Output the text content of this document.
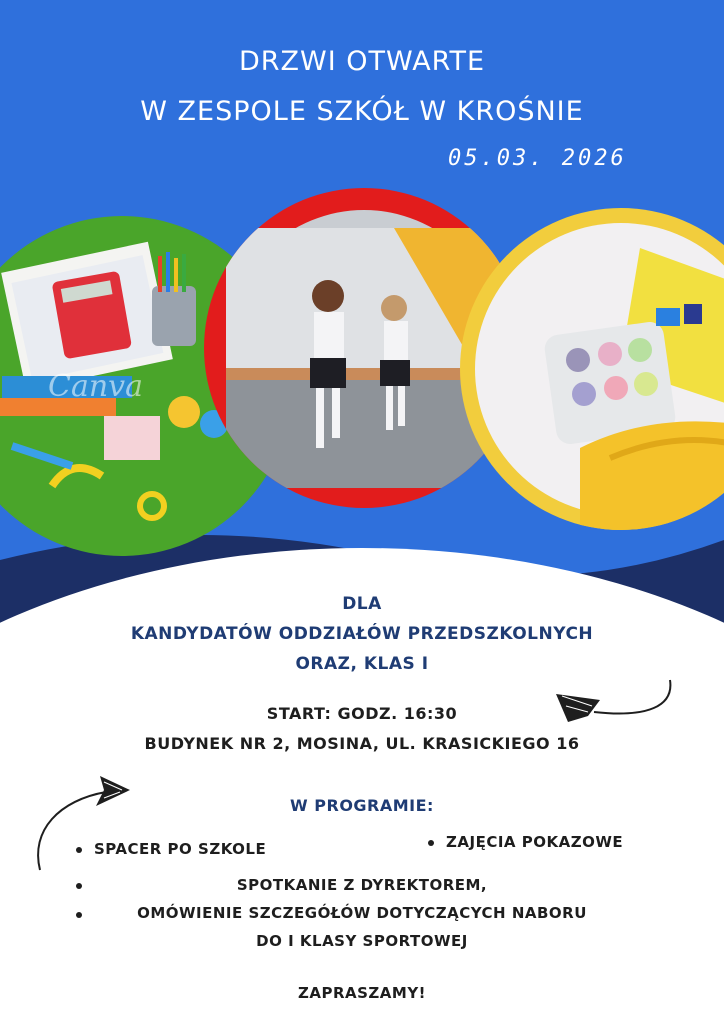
DRZWI OTWARTE
W ZESPOLE SZKÓŁ W KROŚNIE
05.03. 2026
Canva
DLA
KANDYDATÓW ODDZIAŁÓW PRZEDSZKOLNYCH
ORAZ, KLAS I
START: GODZ. 16:30
BUDYNEK NR 2, MOSINA, UL. KRASICKIEGO 16
W PROGRAMIE:
SPACER PO SZKOLE	ZAJĘCIA POKAZOWE
SPOTKANIE Z DYREKTOREM,
OMÓWIENIE SZCZEGÓŁÓW DOTYCZĄCYCH NABORU
DO I KLASY SPORTOWEJ
ZAPRASZAMY!
